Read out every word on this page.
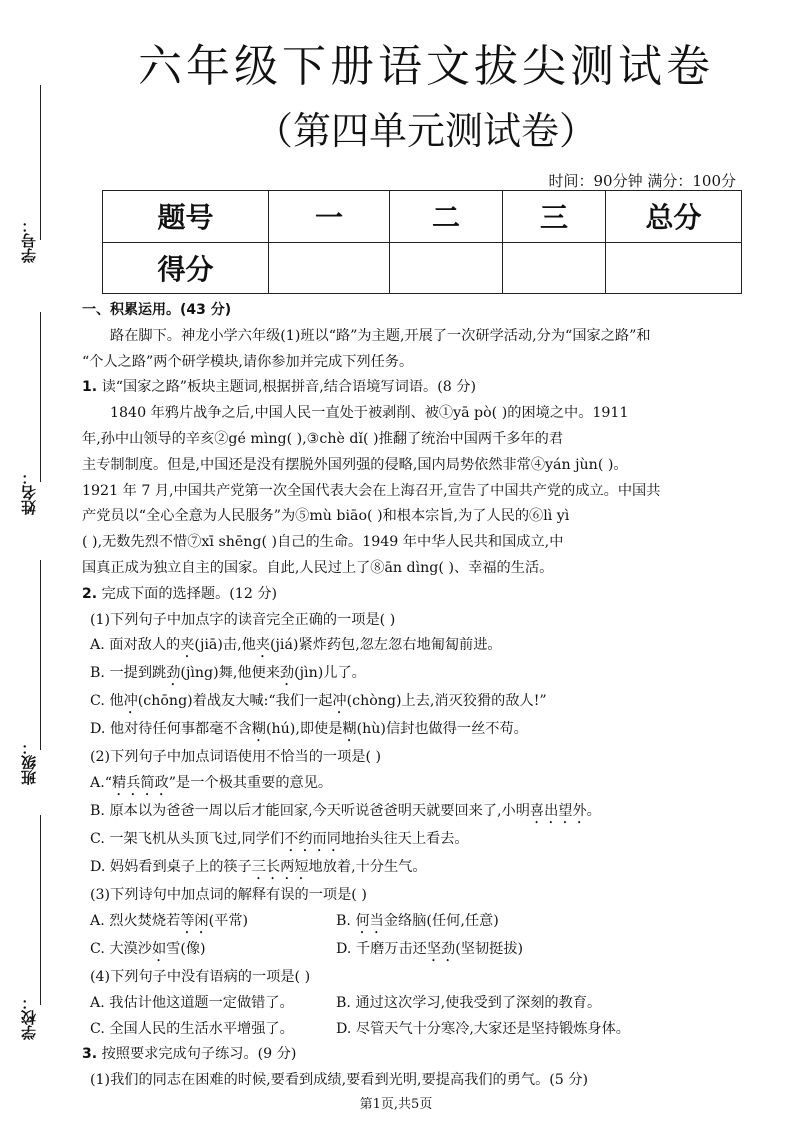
学号：
姓名：
班级：
学校：
六年级下册语文拔尖测试卷
（第四单元测试卷）
时间：90分钟 满分：100分
题号	一	二	三	总分
得分				

一、积累运用。(43 分)

路在脚下。神龙小学六年级(1)班以“路”为主题,开展了一次研学活动,分为“国家之路”和

“个人之路”两个研学模块,请你参加并完成下列任务。

1. 读“国家之路”板块主题词,根据拼音,结合语境写词语。(8 分)

1840 年鸦片战争之后,中国人民一直处于被剥削、被①yā pò( )的困境之中。1911

年,孙中山领导的辛亥②gé mìng( ),③chè dǐ( )推翻了统治中国两千多年的君

主专制制度。但是,中国还是没有摆脱外国列强的侵略,国内局势依然非常④yán jùn( )。

1921 年 7 月,中国共产党第一次全国代表大会在上海召开,宣告了中国共产党的成立。中国共

产党员以“全心全意为人民服务”为⑤mù biāo( )和根本宗旨,为了人民的⑥lì yì

( ),无数先烈不惜⑦xī shēng( )自己的生命。1949 年中华人民共和国成立,中

国真正成为独立自主的国家。自此,人民过上了⑧ān dìng( )、幸福的生活。

2. 完成下面的选择题。(12 分)

(1)下列句子中加点字的读音完全正确的一项是( )

A. 面对敌人的夹(jiā)击,他夹(jiá)紧炸药包,忽左忽右地匍匐前进。

B. 一提到跳劲(jìng)舞,他便来劲(jìn)儿了。

C. 他冲(chōng)着战友大喊:“我们一起冲(chòng)上去,消灭狡猾的敌人!”

D. 他对待任何事都毫不含糊(hú),即使是糊(hù)信封也做得一丝不苟。

(2)下列句子中加点词语使用不恰当的一项是( )

A.“精兵简政”是一个极其重要的意见。

B. 原本以为爸爸一周以后才能回家,今天听说爸爸明天就要回来了,小明喜出望外。

C. 一架飞机从头顶飞过,同学们不约而同地抬头往天上看去。

D. 妈妈看到桌子上的筷子三长两短地放着,十分生气。

(3)下列诗句中加点词的解释有误的一项是( )

A. 烈火焚烧若等闲(平常)	B. 何当金络脑(任何,任意)

C. 大漠沙如雪(像)	D. 千磨万击还坚劲(坚韧挺拔)

(4)下列句子中没有语病的一项是( )

A. 我估计他这道题一定做错了。	B. 通过这次学习,使我受到了深刻的教育。

C. 全国人民的生活水平增强了。	D. 尽管天气十分寒冷,大家还是坚持锻炼身体。

3. 按照要求完成句子练习。(9 分)

(1)我们的同志在困难的时候,要看到成绩,要看到光明,要提高我们的勇气。(5 分)

第1页,共5页
